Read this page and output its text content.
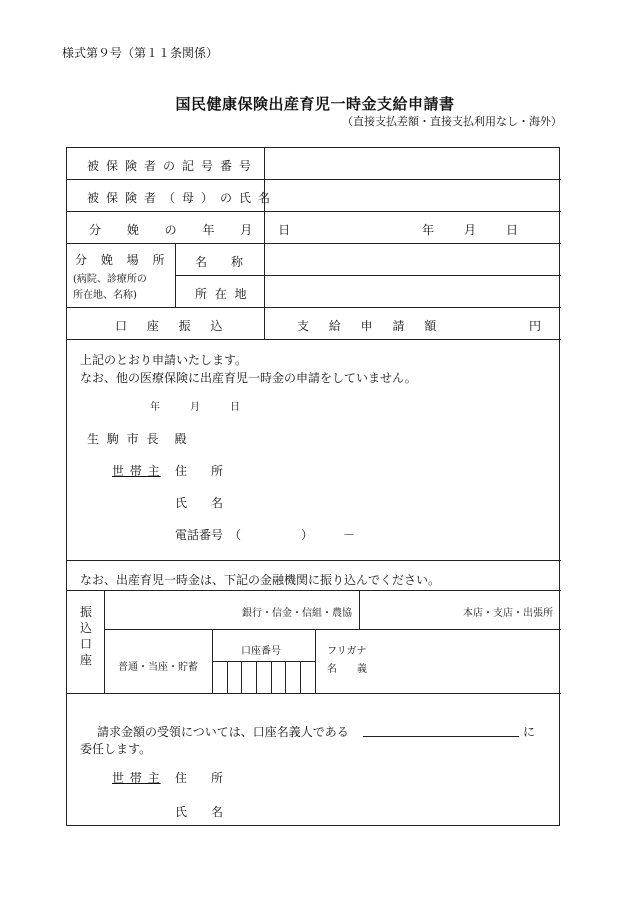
様式第９号（第１１条関係）
国民健康保険出産育児一時金支給申請書
（直接支払差額・直接支払利用なし・海外）
被保険者の記号番号
被保険者（母）の氏名
分 娩 の 年 月 日	年　　月　　日
分 娩 場 所
(病院、診療所の
所在地、名称)
名　　称
所 在 地
口 座 振 込	支 給 申 請 額	円
上記のとおり申請いたします。
なお、他の医療保険に出産育児一時金の申請をしていません。
年　　　月　　　日
生 駒 市 長　殿
世 帯 主 住　　所
氏　　名
電話番号　（　　　　　）　　　－
なお、出産育児一時金は、下記の金融機関に振り込んでください。
振
込
口
座
銀行・信金・信組・農協	本店・支店・出張所
普通・当座・貯蓄
口座番号	フリガナ
名　　義
請求金額の受領については、口座名義人である	に
委任します。
世 帯 主 住　　所
氏　　名
